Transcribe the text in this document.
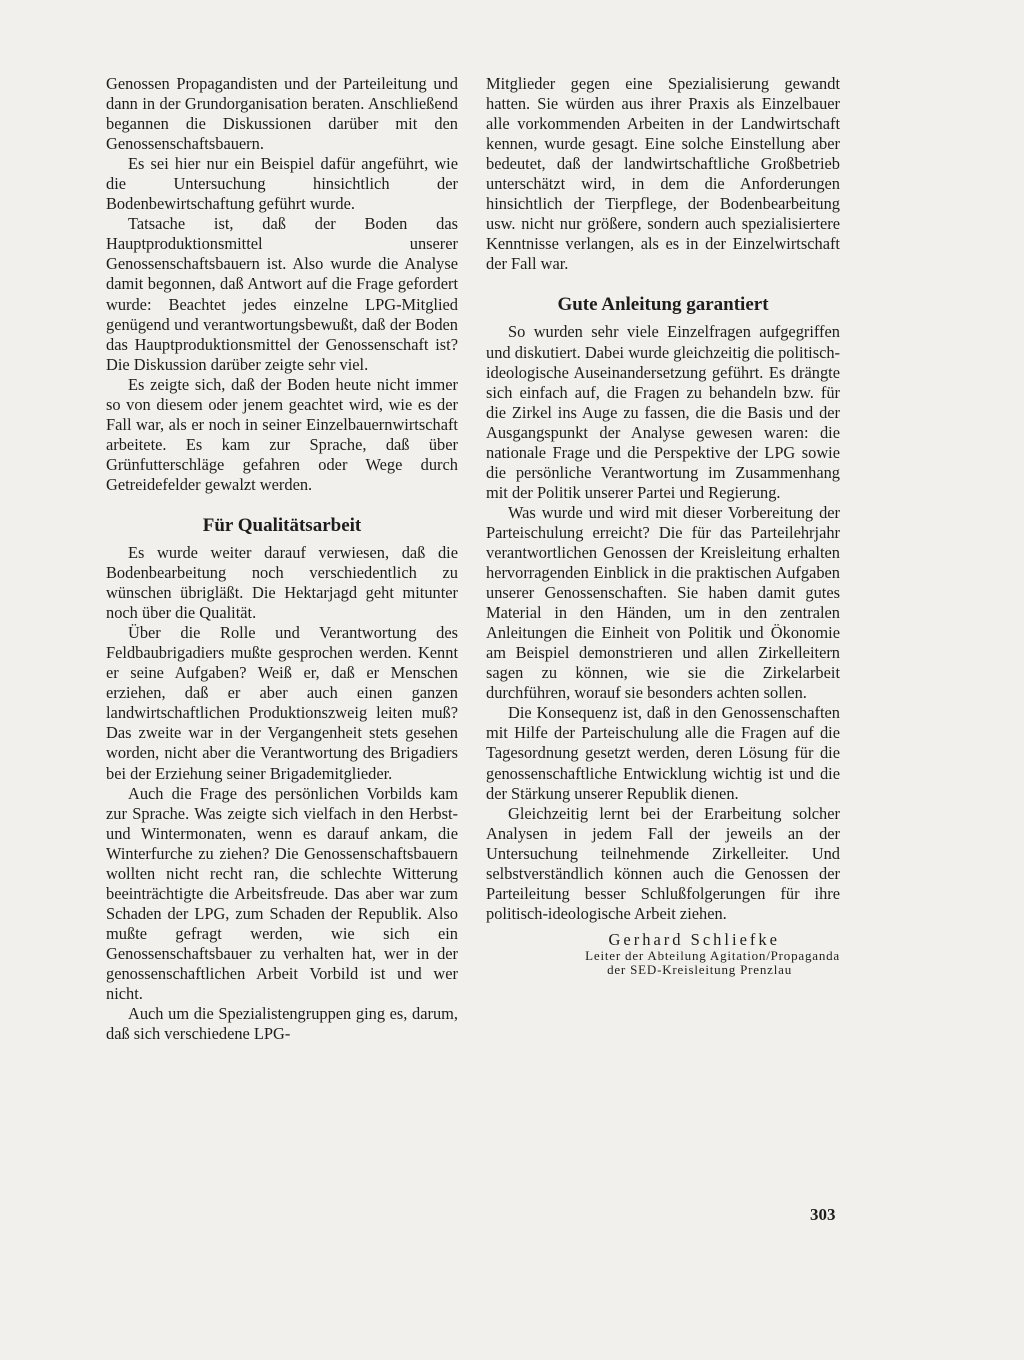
Genossen Propagandisten und der Parteileitung und dann in der Grundorganisation beraten. Anschließend begannen die Diskussionen darüber mit den Genossenschaftsbauern.

Es sei hier nur ein Beispiel dafür angeführt, wie die Untersuchung hinsichtlich der Bodenbewirtschaftung geführt wurde.

Tatsache ist, daß der Boden das Hauptproduktionsmittel unserer Genossenschaftsbauern ist. Also wurde die Analyse damit begonnen, daß Antwort auf die Frage gefordert wurde: Beachtet jedes einzelne LPG-Mitglied genügend und verantwortungsbewußt, daß der Boden das Hauptproduktionsmittel der Genossenschaft ist? Die Diskussion darüber zeigte sehr viel.

Es zeigte sich, daß der Boden heute nicht immer so von diesem oder jenem geachtet wird, wie es der Fall war, als er noch in seiner Einzelbauernwirtschaft arbeitete. Es kam zur Sprache, daß über Grünfutterschläge gefahren oder Wege durch Getreidefelder gewalzt werden.

Für Qualitätsarbeit

Es wurde weiter darauf verwiesen, daß die Bodenbearbeitung noch verschiedentlich zu wünschen übrigläßt. Die Hektarjagd geht mitunter noch über die Qualität.

Über die Rolle und Verantwortung des Feldbaubrigadiers mußte gesprochen werden. Kennt er seine Aufgaben? Weiß er, daß er Menschen erziehen, daß er aber auch einen ganzen landwirtschaftlichen Produktionszweig leiten muß? Das zweite war in der Vergangenheit stets gesehen worden, nicht aber die Verantwortung des Brigadiers bei der Erziehung seiner Brigademitglieder.

Auch die Frage des persönlichen Vorbilds kam zur Sprache. Was zeigte sich vielfach in den Herbst- und Wintermonaten, wenn es darauf ankam, die Winterfurche zu ziehen? Die Genossenschaftsbauern wollten nicht recht ran, die schlechte Witterung beeinträchtigte die Arbeitsfreude. Das aber war zum Schaden der LPG, zum Schaden der Republik. Also mußte gefragt werden, wie sich ein Genossenschaftsbauer zu verhalten hat, wer in der genossenschaftlichen Arbeit Vorbild ist und wer nicht.

Auch um die Spezialistengruppen ging es, darum, daß sich verschiedene LPG-

Mitglieder gegen eine Spezialisierung gewandt hatten. Sie würden aus ihrer Praxis als Einzelbauer alle vorkommenden Arbeiten in der Landwirtschaft kennen, wurde gesagt. Eine solche Einstellung aber bedeutet, daß der landwirtschaftliche Großbetrieb unterschätzt wird, in dem die Anforderungen hinsichtlich der Tierpflege, der Bodenbearbeitung usw. nicht nur größere, sondern auch spezialisiertere Kenntnisse verlangen, als es in der Einzelwirtschaft der Fall war.

Gute Anleitung garantiert

So wurden sehr viele Einzelfragen aufgegriffen und diskutiert. Dabei wurde gleichzeitig die politisch-ideologische Auseinandersetzung geführt. Es drängte sich einfach auf, die Fragen zu behandeln bzw. für die Zirkel ins Auge zu fassen, die die Basis und der Ausgangspunkt der Analyse gewesen waren: die nationale Frage und die Perspektive der LPG sowie die persönliche Verantwortung im Zusammenhang mit der Politik unserer Partei und Regierung.

Was wurde und wird mit dieser Vorbereitung der Parteischulung erreicht? Die für das Parteilehrjahr verantwortlichen Genossen der Kreisleitung erhalten hervorragenden Einblick in die praktischen Aufgaben unserer Genossenschaften. Sie haben damit gutes Material in den Händen, um in den zentralen Anleitungen die Einheit von Politik und Ökonomie am Beispiel demonstrieren und allen Zirkelleitern sagen zu können, wie sie die Zirkelarbeit durchführen, worauf sie besonders achten sollen.

Die Konsequenz ist, daß in den Genossenschaften mit Hilfe der Parteischulung alle die Fragen auf die Tagesordnung gesetzt werden, deren Lösung für die genossenschaftliche Entwicklung wichtig ist und die der Stärkung unserer Republik dienen.

Gleichzeitig lernt bei der Erarbeitung solcher Analysen in jedem Fall der jeweils an der Untersuchung teilnehmende Zirkelleiter. Und selbstverständlich können auch die Genossen der Parteileitung besser Schlußfolgerungen für ihre politisch-ideologische Arbeit ziehen.

Gerhard Schliefke

Leiter der Abteilung Agitation/Propaganda

der SED-Kreisleitung Prenzlau

303
